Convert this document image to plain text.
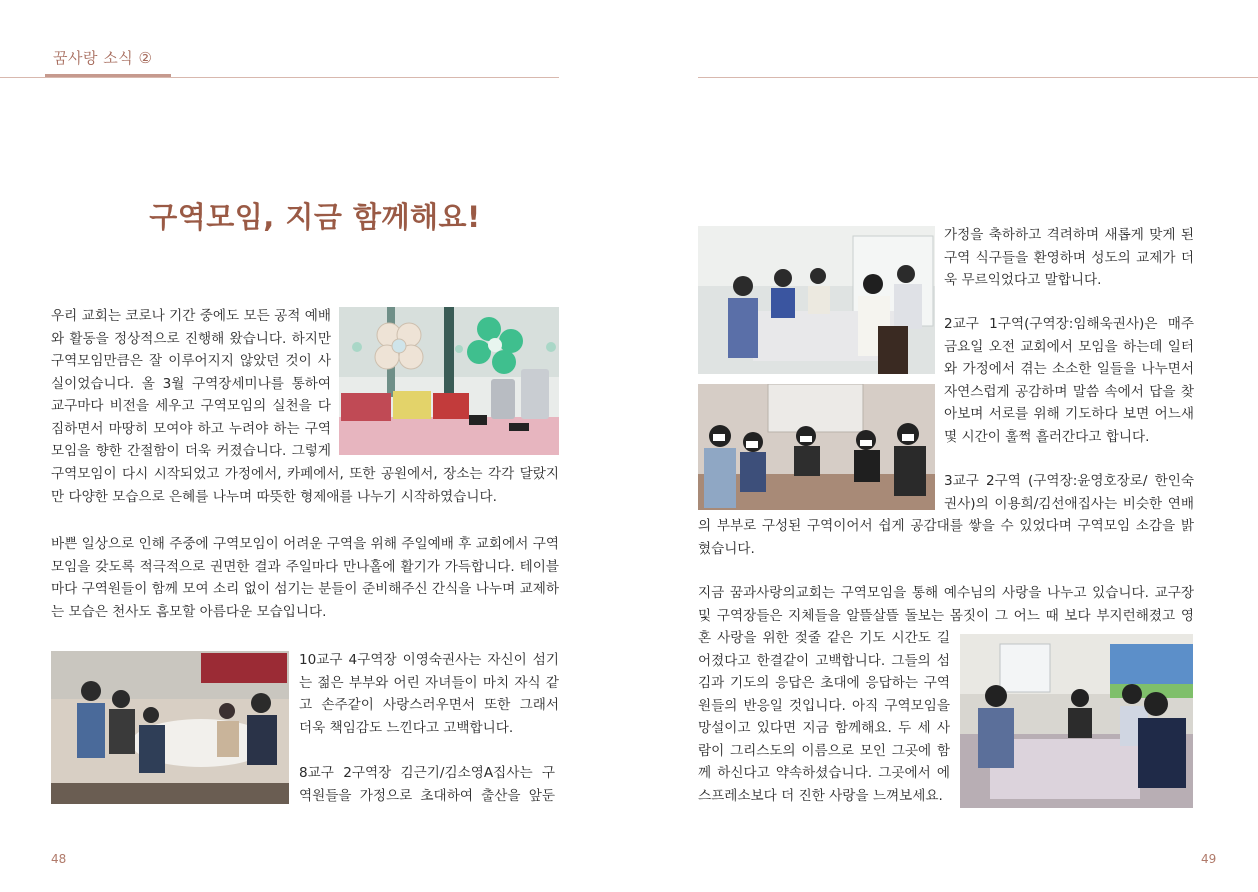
꿈사랑 소식 ②
구역모임, 지금 함께해요!
우리 교회는 코로나 기간 중에도 모든 공적 예배
와 활동을 정상적으로 진행해 왔습니다. 하지만
구역모임만큼은 잘 이루어지지 않았던 것이 사
실이었습니다. 올 3월 구역장세미나를 통하여
교구마다 비전을 세우고 구역모임의 실천을 다
짐하면서 마땅히 모여야 하고 누려야 하는 구역
모임을 향한 간절함이 더욱 커졌습니다. 그렇게
구역모임이 다시 시작되었고 가정에서, 카페에서, 또한 공원에서, 장소는 각각 달랐지
만 다양한 모습으로 은혜를 나누며 따뜻한 형제애를 나누기 시작하였습니다.
바쁜 일상으로 인해 주중에 구역모임이 어려운 구역을 위해 주일예배 후 교회에서 구역
모임을 갖도록 적극적으로 권면한 결과 주일마다 만나홀에 활기가 가득합니다. 테이블
마다 구역원들이 함께 모여 소리 없이 섬기는 분들이 준비해주신 간식을 나누며 교제하
는 모습은 천사도 흠모할 아름다운 모습입니다.
10교구 4구역장 이영숙권사는 자신이 섬기
는 젊은 부부와 어린 자녀들이 마치 자식 같
고 손주같이 사랑스러우면서 또한 그래서
더욱 책임감도 느낀다고 고백합니다.
8교구 2구역장 김근기/김소영A집사는 구
역원들을 가정으로 초대하여 출산을 앞둔
48
가정을 축하하고 격려하며 새롭게 맞게 된
구역 식구들을 환영하며 성도의 교제가 더
욱 무르익었다고 말합니다.
2교구 1구역(구역장:임해욱권사)은 매주
금요일 오전 교회에서 모임을 하는데 일터
와 가정에서 겪는 소소한 일들을 나누면서
자연스럽게 공감하며 말씀 속에서 답을 찾
아보며 서로를 위해 기도하다 보면 어느새
몇 시간이 훌쩍 흘러간다고 합니다.
3교구 2구역 (구역장:윤영호장로/ 한인숙
권사)의 이용희/김선애집사는 비슷한 연배
의 부부로 구성된 구역이어서 쉽게 공감대를 쌓을 수 있었다며 구역모임 소감을 밝
혔습니다.
지금 꿈과사랑의교회는 구역모임을 통해 예수님의 사랑을 나누고 있습니다. 교구장
및 구역장들은 지체들을 알뜰살뜰 돌보는 몸짓이 그 어느 때 보다 부지런해졌고 영
혼 사랑을 위한 젖줄 같은 기도 시간도 길
어졌다고 한결같이 고백합니다. 그들의 섬
김과 기도의 응답은 초대에 응답하는 구역
원들의 반응일 것입니다. 아직 구역모임을
망설이고 있다면 지금 함께해요. 두 세 사
람이 그리스도의 이름으로 모인 그곳에 함
께 하신다고 약속하셨습니다. 그곳에서 에
스프레소보다 더 진한 사랑을 느껴보세요.
49
